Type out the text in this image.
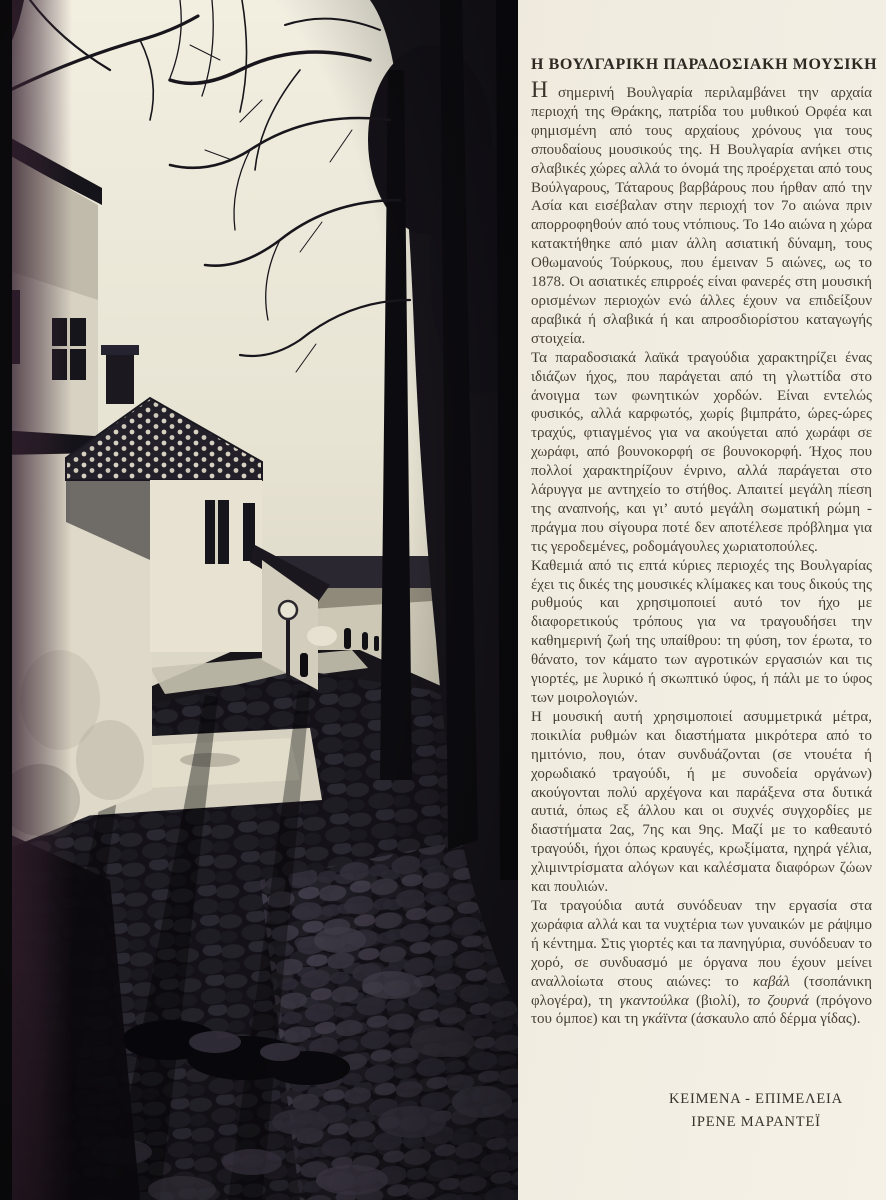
Η ΒΟΥΛΓΑΡΙΚΗ ΠΑΡΑΔΟΣΙΑΚΗ ΜΟΥΣΙΚΗ

Ησημερινή Βουλγαρία περιλαμβάνει την αρχαία περιοχή της Θράκης, πατρίδα του μυθικού Ορφέα και φημισμένη από τους αρχαίους χρόνους για τους σπουδαίους μουσικούς της. Η Βουλγαρία ανήκει στις σλαβικές χώρες αλλά το όνομά της προέρχεται από τους Βούλγαρους, Τάταρους βαρβάρους που ήρθαν από την Ασία και εισέβαλαν στην περιοχή τον 7ο αιώνα πριν απορροφηθούν από τους ντόπιους. Το 14ο αιώνα η χώρα κατακτήθηκε από μιαν άλλη ασιατική δύναμη, τους Οθωμανούς Τούρκους, που έμειναν 5 αιώνες, ως το 1878. Οι ασιατικές επιρροές είναι φανερές στη μουσική ορισμένων περιοχών ενώ άλλες έχουν να επιδείξουν αραβικά ή σλαβικά ή και απροσδιορίστου καταγωγής στοιχεία.

Τα παραδοσιακά λαϊκά τραγούδια χαρακτηρίζει ένας ιδιάζων ήχος, που παράγεται από τη γλωττίδα στο άνοιγμα των φωνητικών χορδών. Είναι εντελώς φυσικός, αλλά καρφωτός, χωρίς βιμπράτο, ώρες-ώρες τραχύς, φτιαγμένος για να ακούγεται από χωράφι σε χωράφι, από βουνοκορφή σε βουνοκορφή. Ήχος που πολλοί χαρακτηρίζουν ένρινο, αλλά παράγεται στο λάρυγγα με αντηχείο το στήθος. Απαιτεί μεγάλη πίεση της αναπνοής, και γι’ αυτό μεγάλη σωματική ρώμη - πράγμα που σίγουρα ποτέ δεν αποτέλεσε πρόβλημα για τις γεροδεμένες, ροδομάγουλες χωριατοπούλες.

Καθεμιά από τις επτά κύριες περιοχές της Βουλγαρίας έχει τις δικές της μουσικές κλίμακες και τους δικούς της ρυθμούς και χρησιμοποιεί αυτό τον ήχο με διαφορετικούς τρόπους για να τραγουδήσει την καθημερινή ζωή της υπαίθρου: τη φύση, τον έρωτα, το θάνατο, τον κάματο των αγροτικών εργασιών και τις γιορτές, με λυρικό ή σκωπτικό ύφος, ή πάλι με το ύφος των μοιρολογιών.

Η μουσική αυτή χρησιμοποιεί ασυμμετρικά μέτρα, ποικιλία ρυθμών και διαστήματα μικρότερα από το ημιτόνιο, που, όταν συνδυάζονται (σε ντουέτα ή χορωδιακό τραγούδι, ή με συνοδεία οργάνων) ακούγονται πολύ αρχέγονα και παράξενα στα δυτικά αυτιά, όπως εξ άλλου και οι συχνές συγχορδίες με διαστήματα 2ας, 7ης και 9ης. Μαζί με το καθεαυτό τραγούδι, ήχοι όπως κραυγές, κρωξίματα, ηχηρά γέλια, χλιμιντρίσματα αλόγων και καλέσματα διαφόρων ζώων και πουλιών.

Τα τραγούδια αυτά συνόδευαν την εργασία στα χωράφια αλλά και τα νυχτέρια των γυναικών με ράψιμο ή κέντημα. Στις γιορτές και τα πανηγύρια, συνόδευαν το χορό, σε συνδυασμό με όργανα που έχουν μείνει αναλλοίωτα στους αιώνες: το καβάλ (τσοπάνικη φλογέρα), τη γκαντούλκα (βιολί), το ζουρνά (πρόγονο του όμποε) και τη γκάϊντα (άσκαυλο από δέρμα γίδας).

ΚΕΙΜΕΝΑ - ΕΠΙΜΕΛΕΙΑ
ΙΡΕΝΕ ΜΑΡΑΝΤΕΪ
